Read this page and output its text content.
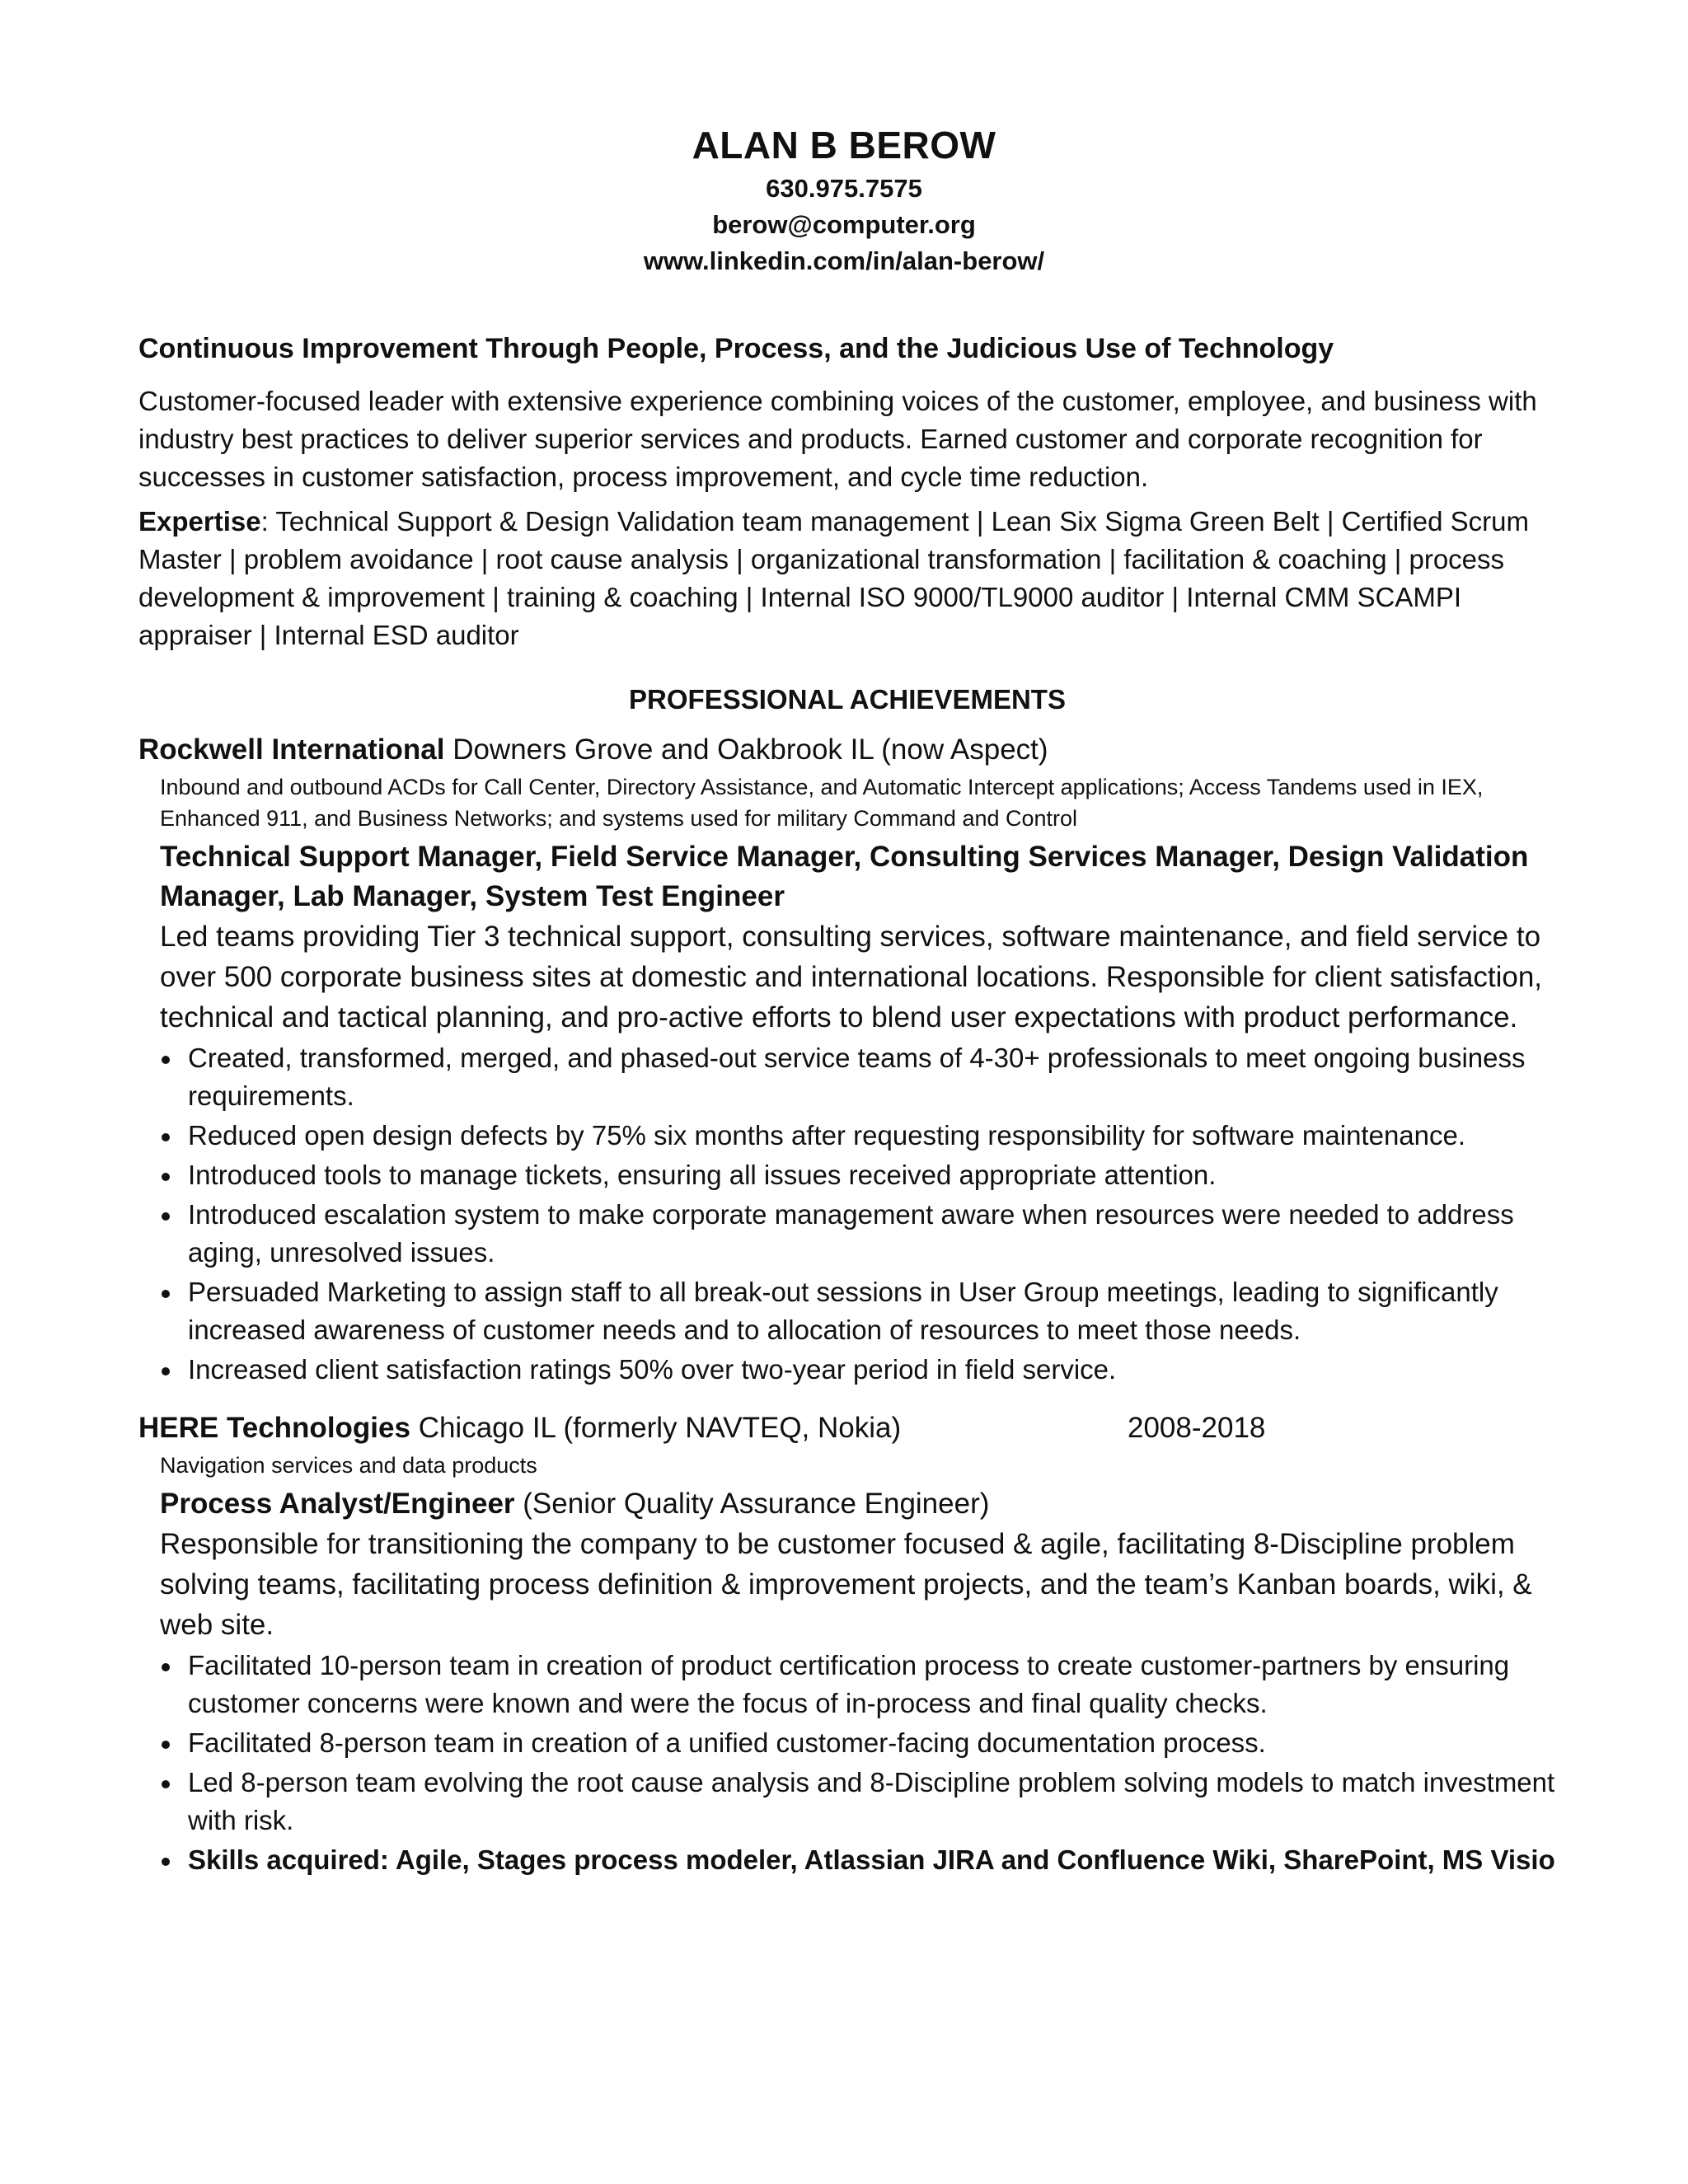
ALAN B BEROW
630.975.7575
berow@computer.org
www.linkedin.com/in/alan-berow/

Continuous Improvement Through People, Process, and the Judicious Use of Technology

Customer-focused leader with extensive experience combining voices of the customer, employee, and business with industry best practices to deliver superior services and products. Earned customer and corporate recognition for successes in customer satisfaction, process improvement, and cycle time reduction.

Expertise: Technical Support & Design Validation team management | Lean Six Sigma Green Belt | Certified Scrum Master | problem avoidance | root cause analysis | organizational transformation | facilitation & coaching | process development & improvement | training & coaching | Internal ISO 9000/TL9000 auditor | Internal CMM SCAMPI appraiser | Internal ESD auditor

PROFESSIONAL ACHIEVEMENTS
Rockwell International Downers Grove and Oakbrook IL (now Aspect)

Inbound and outbound ACDs for Call Center, Directory Assistance, and Automatic Intercept applications; Access Tandems used in IEX, Enhanced 911, and Business Networks; and systems used for military Command and Control

Technical Support Manager, Field Service Manager, Consulting Services Manager, Design Validation Manager, Lab Manager, System Test Engineer

Led teams providing Tier 3 technical support, consulting services, software maintenance, and field service to over 500 corporate business sites at domestic and international locations. Responsible for client satisfaction, technical and tactical planning, and pro-active efforts to blend user expectations with product performance.

Created, transformed, merged, and phased-out service teams of 4-30+ professionals to meet ongoing business requirements.
Reduced open design defects by 75% six months after requesting responsibility for software maintenance.
Introduced tools to manage tickets, ensuring all issues received appropriate attention.
Introduced escalation system to make corporate management aware when resources were needed to address aging, unresolved issues.
Persuaded Marketing to assign staff to all break-out sessions in User Group meetings, leading to significantly increased awareness of customer needs and to allocation of resources to meet those needs.
Increased client satisfaction ratings 50% over two-year period in field service.
HERE Technologies Chicago IL (formerly NAVTEQ, Nokia)	2008-2018

Navigation services and data products

Process Analyst/Engineer (Senior Quality Assurance Engineer)

Responsible for transitioning the company to be customer focused & agile, facilitating 8-Discipline problem solving teams, facilitating process definition & improvement projects, and the team’s Kanban boards, wiki, & web site.

Facilitated 10-person team in creation of product certification process to create customer-partners by ensuring customer concerns were known and were the focus of in-process and final quality checks.
Facilitated 8-person team in creation of a unified customer-facing documentation process.
Led 8-person team evolving the root cause analysis and 8-Discipline problem solving models to match investment with risk.
Skills acquired: Agile, Stages process modeler, Atlassian JIRA and Confluence Wiki, SharePoint, MS Visio
